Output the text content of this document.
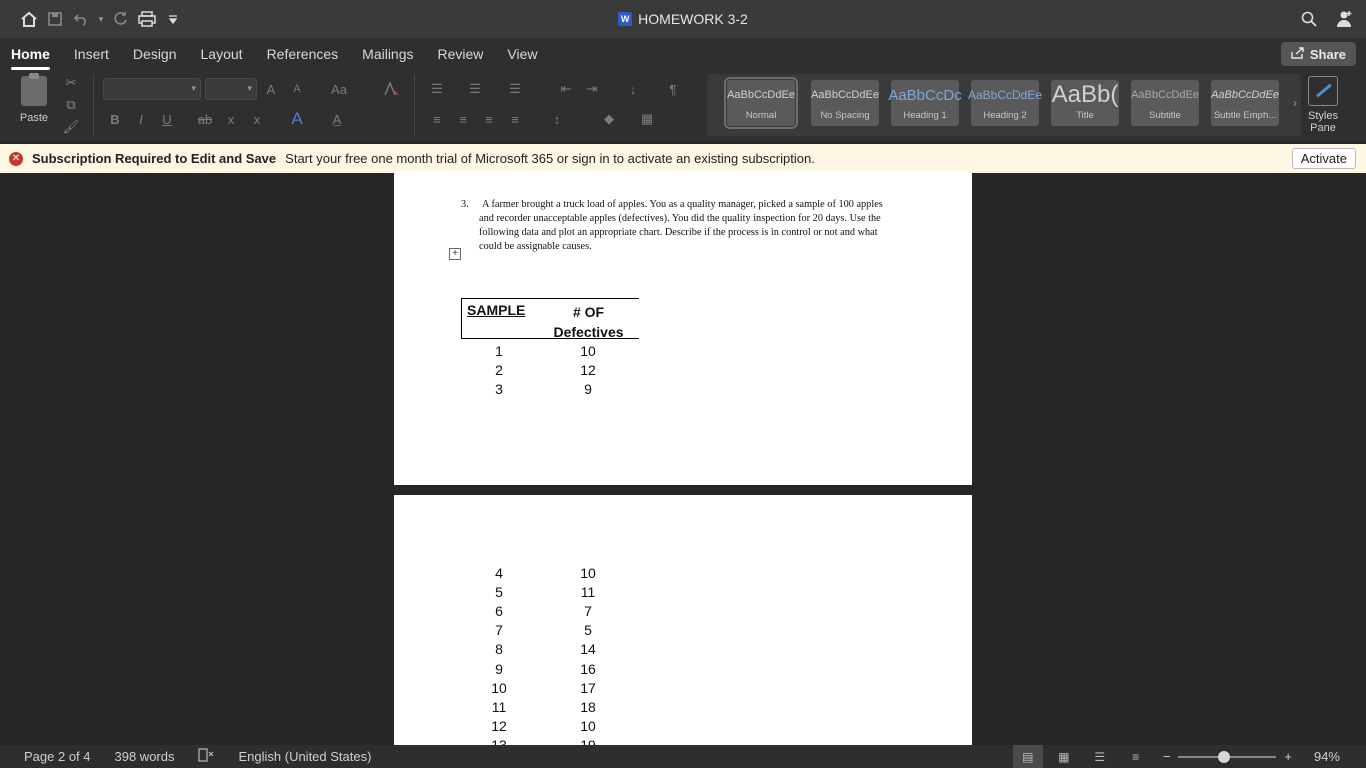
▾	W HOMEWORK 3-2
Home Insert Design Layout References Mailings Review View	Share
Paste
✂
⧉
🖌
▾	▾	A	A	Aa
B	I	U	ab	x	x	A	A
☰	☰	☰	⇤	⇥	↓	¶
≡	≡	≡	≡	↕	◆	▦
AaBbCcDdEe
Normal
AaBbCcDdEe
No Spacing
AaBbCcDc
Heading 1
AaBbCcDdEe
Heading 2
AaBb(
Title
AaBbCcDdEe
Subtitle
AaBbCcDdEe
Subtle Emph...
›
Styles Pane
✕ Subscription Required to Edit and Save Start your free one month trial of Microsoft 365 or sign in to activate an existing subscription.	Activate
3.	A farmer brought a truck load of apples. You as a quality manager, picked a sample of 100 apples and recorder unacceptable apples (defectives). You did the quality inspection for 20 days. Use the following data and plot an appropriate chart. Describe if the process is in control or not and what could be assignable causes.
+
SAMPLE	# OF Defectives
1	10
2	12
3	9
4	10
5	11
6	7
7	5
8	14
9	16
10	17
11	18
12	10

Page 2 of 4 398 words	English (United States)	▤	▦	☰	≡	−	+ 94%
